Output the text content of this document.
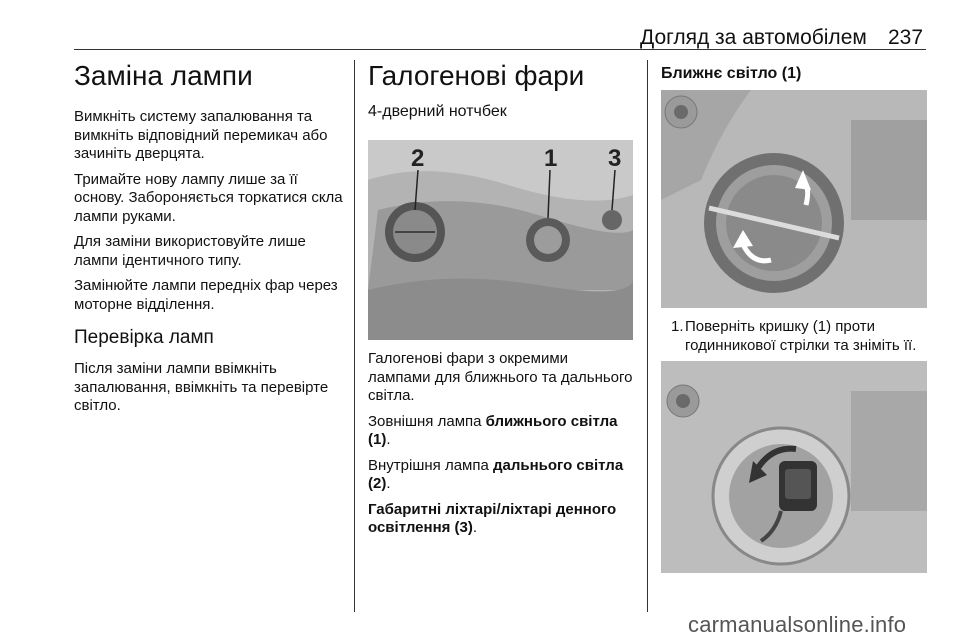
Догляд за автомобілем 237
Заміна лампи

Вимкніть систему запалювання та вимкніть відповідний перемикач або зачиніть дверцята.

Тримайте нову лампу лише за її основу. Забороняється торкатися скла лампи руками.

Для заміни використовуйте лише лампи ідентичного типу.

Замінюйте лампи передніх фар через моторне відділення.

Перевірка ламп

Після заміни лампи ввімкніть запалювання, ввімкніть та перевірте світло.

Галогенові фари
4-дверний нотчбек
2	1 3

Галогенові фари з окремими лампами для ближнього та дальнього світла.

Зовнішня лампа ближнього світла (1).

Внутрішня лампа дальнього світла (2).

Габаритні ліхтарі/ліхтарі денного освітлення (3).

Ближнє світло (1)
1. Поверніть кришку (1) проти годинникової стрілки та зніміть її.
carmanualsonline.info
